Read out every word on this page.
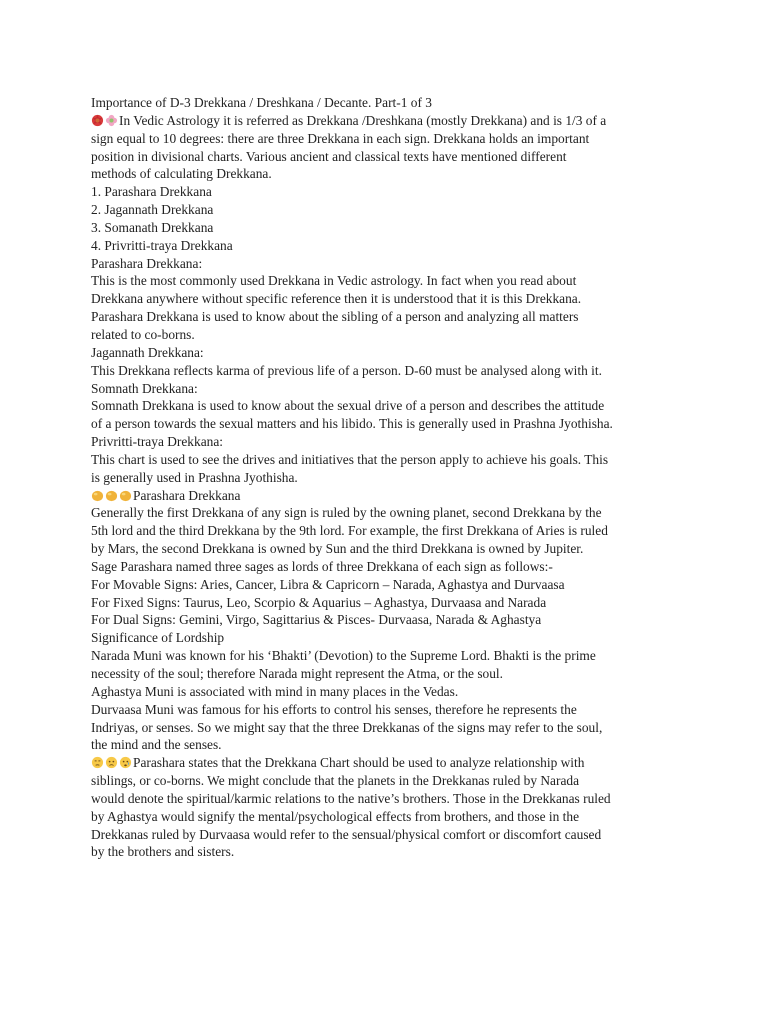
Importance of D-3 Drekkana / Dreshkana / Decante. Part-1 of 3
In Vedic Astrology it is referred as Drekkana /Dreshkana (mostly Drekkana) and is 1/3 of a
sign equal to 10 degrees: there are three Drekkana in each sign. Drekkana holds an important
position in divisional charts. Various ancient and classical texts have mentioned different
methods of calculating Drekkana.
1. Parashara Drekkana
2. Jagannath Drekkana
3. Somanath Drekkana
4. Privritti-traya Drekkana
Parashara Drekkana:
This is the most commonly used Drekkana in Vedic astrology. In fact when you read about
Drekkana anywhere without specific reference then it is understood that it is this Drekkana.
Parashara Drekkana is used to know about the sibling of a person and analyzing all matters
related to co-borns.
Jagannath Drekkana:
This Drekkana reflects karma of previous life of a person. D-60 must be analysed along with it.
Somnath Drekkana:
Somnath Drekkana is used to know about the sexual drive of a person and describes the attitude
of a person towards the sexual matters and his libido. This is generally used in Prashna Jyothisha.
Privritti-traya Drekkana:
This chart is used to see the drives and initiatives that the person apply to achieve his goals. This
is generally used in Prashna Jyothisha.
Parashara Drekkana
Generally the first Drekkana of any sign is ruled by the owning planet, second Drekkana by the
5th lord and the third Drekkana by the 9th lord. For example, the first Drekkana of Aries is ruled
by Mars, the second Drekkana is owned by Sun and the third Drekkana is owned by Jupiter.
Sage Parashara named three sages as lords of three Drekkana of each sign as follows:-
For Movable Signs: Aries, Cancer, Libra & Capricorn – Narada, Aghastya and Durvaasa
For Fixed Signs: Taurus, Leo, Scorpio & Aquarius – Aghastya, Durvaasa and Narada
For Dual Signs: Gemini, Virgo, Sagittarius & Pisces- Durvaasa, Narada & Aghastya
Significance of Lordship
Narada Muni was known for his ‘Bhakti’ (Devotion) to the Supreme Lord. Bhakti is the prime
necessity of the soul; therefore Narada might represent the Atma, or the soul.
Aghastya Muni is associated with mind in many places in the Vedas.
Durvaasa Muni was famous for his efforts to control his senses, therefore he represents the
Indriyas, or senses. So we might say that the three Drekkanas of the signs may refer to the soul,
the mind and the senses.
Parashara states that the Drekkana Chart should be used to analyze relationship with
siblings, or co-borns. We might conclude that the planets in the Drekkanas ruled by Narada
would denote the spiritual/karmic relations to the native’s brothers. Those in the Drekkanas ruled
by Aghastya would signify the mental/psychological effects from brothers, and those in the
Drekkanas ruled by Durvaasa would refer to the sensual/physical comfort or discomfort caused
by the brothers and sisters.
